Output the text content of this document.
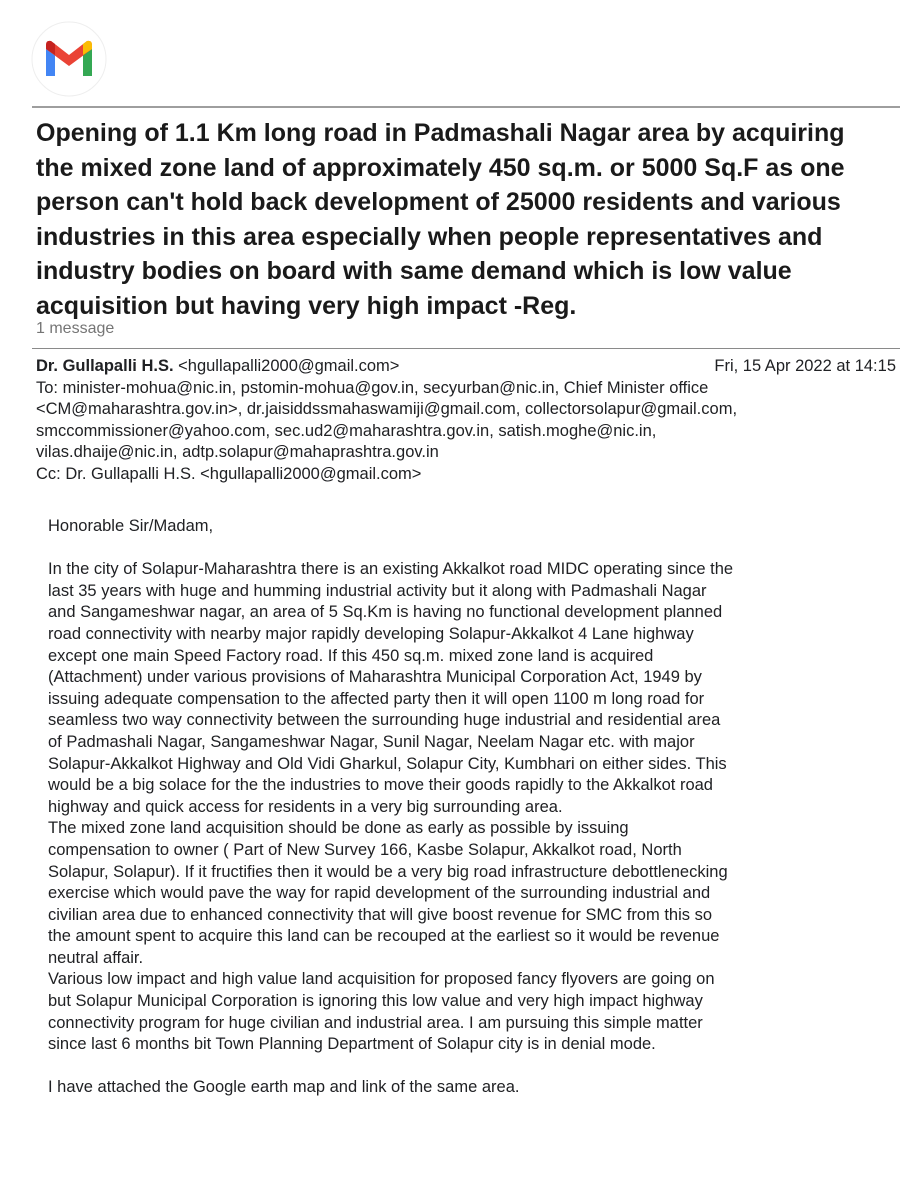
Opening of 1.1 Km long road in Padmashali Nagar area by acquiring
the mixed zone land of approximately 450 sq.m. or 5000 Sq.F as one
person can't hold back development of 25000 residents and various
industries in this area especially when people representatives and
industry bodies on board with same demand which is low value
acquisition but having very high impact -Reg.
1 message
Dr. Gullapalli H.S. <hgullapalli2000@gmail.com>	Fri, 15 Apr 2022 at 14:15
To: minister-mohua@nic.in, pstomin-mohua@gov.in, secyurban@nic.in, Chief Minister office
<CM@maharashtra.gov.in>, dr.jaisiddssmahaswamiji@gmail.com, collectorsolapur@gmail.com,
smccommissioner@yahoo.com, sec.ud2@maharashtra.gov.in, satish.moghe@nic.in,
vilas.dhaije@nic.in, adtp.solapur@mahaprashtra.gov.in
Cc: Dr. Gullapalli H.S. <hgullapalli2000@gmail.com>
Honorable Sir/Madam,
In the city of Solapur-Maharashtra there is an existing Akkalkot road MIDC operating since the
last 35 years with huge and humming industrial activity but it along with Padmashali Nagar
and Sangameshwar nagar, an area of 5 Sq.Km is having no functional development planned
road connectivity with nearby major rapidly developing Solapur-Akkalkot 4 Lane highway
except one main Speed Factory road. If this 450 sq.m. mixed zone land is acquired
(Attachment) under various provisions of Maharashtra Municipal Corporation Act, 1949 by
issuing adequate compensation to the affected party then it will open 1100 m long road for
seamless two way connectivity between the surrounding huge industrial and residential area
of Padmashali Nagar, Sangameshwar Nagar, Sunil Nagar, Neelam Nagar etc. with major
Solapur-Akkalkot Highway and Old Vidi Gharkul, Solapur City, Kumbhari on either sides. This
would be a big solace for the the industries to move their goods rapidly to the Akkalkot road
highway and quick access for residents in a very big surrounding area.
The mixed zone land acquisition should be done as early as possible by issuing
compensation to owner ( Part of New Survey 166, Kasbe Solapur, Akkalkot road, North
Solapur, Solapur). If it fructifies then it would be a very big road infrastructure debottlenecking
exercise which would pave the way for rapid development of the surrounding industrial and
civilian area due to enhanced connectivity that will give boost revenue for SMC from this so
the amount spent to acquire this land can be recouped at the earliest so it would be revenue
neutral affair.
Various low impact and high value land acquisition for proposed fancy flyovers are going on
but Solapur Municipal Corporation is ignoring this low value and very high impact highway
connectivity program for huge civilian and industrial area. I am pursuing this simple matter
since last 6 months bit Town Planning Department of Solapur city is in denial mode.
I have attached the Google earth map and link of the same area.
